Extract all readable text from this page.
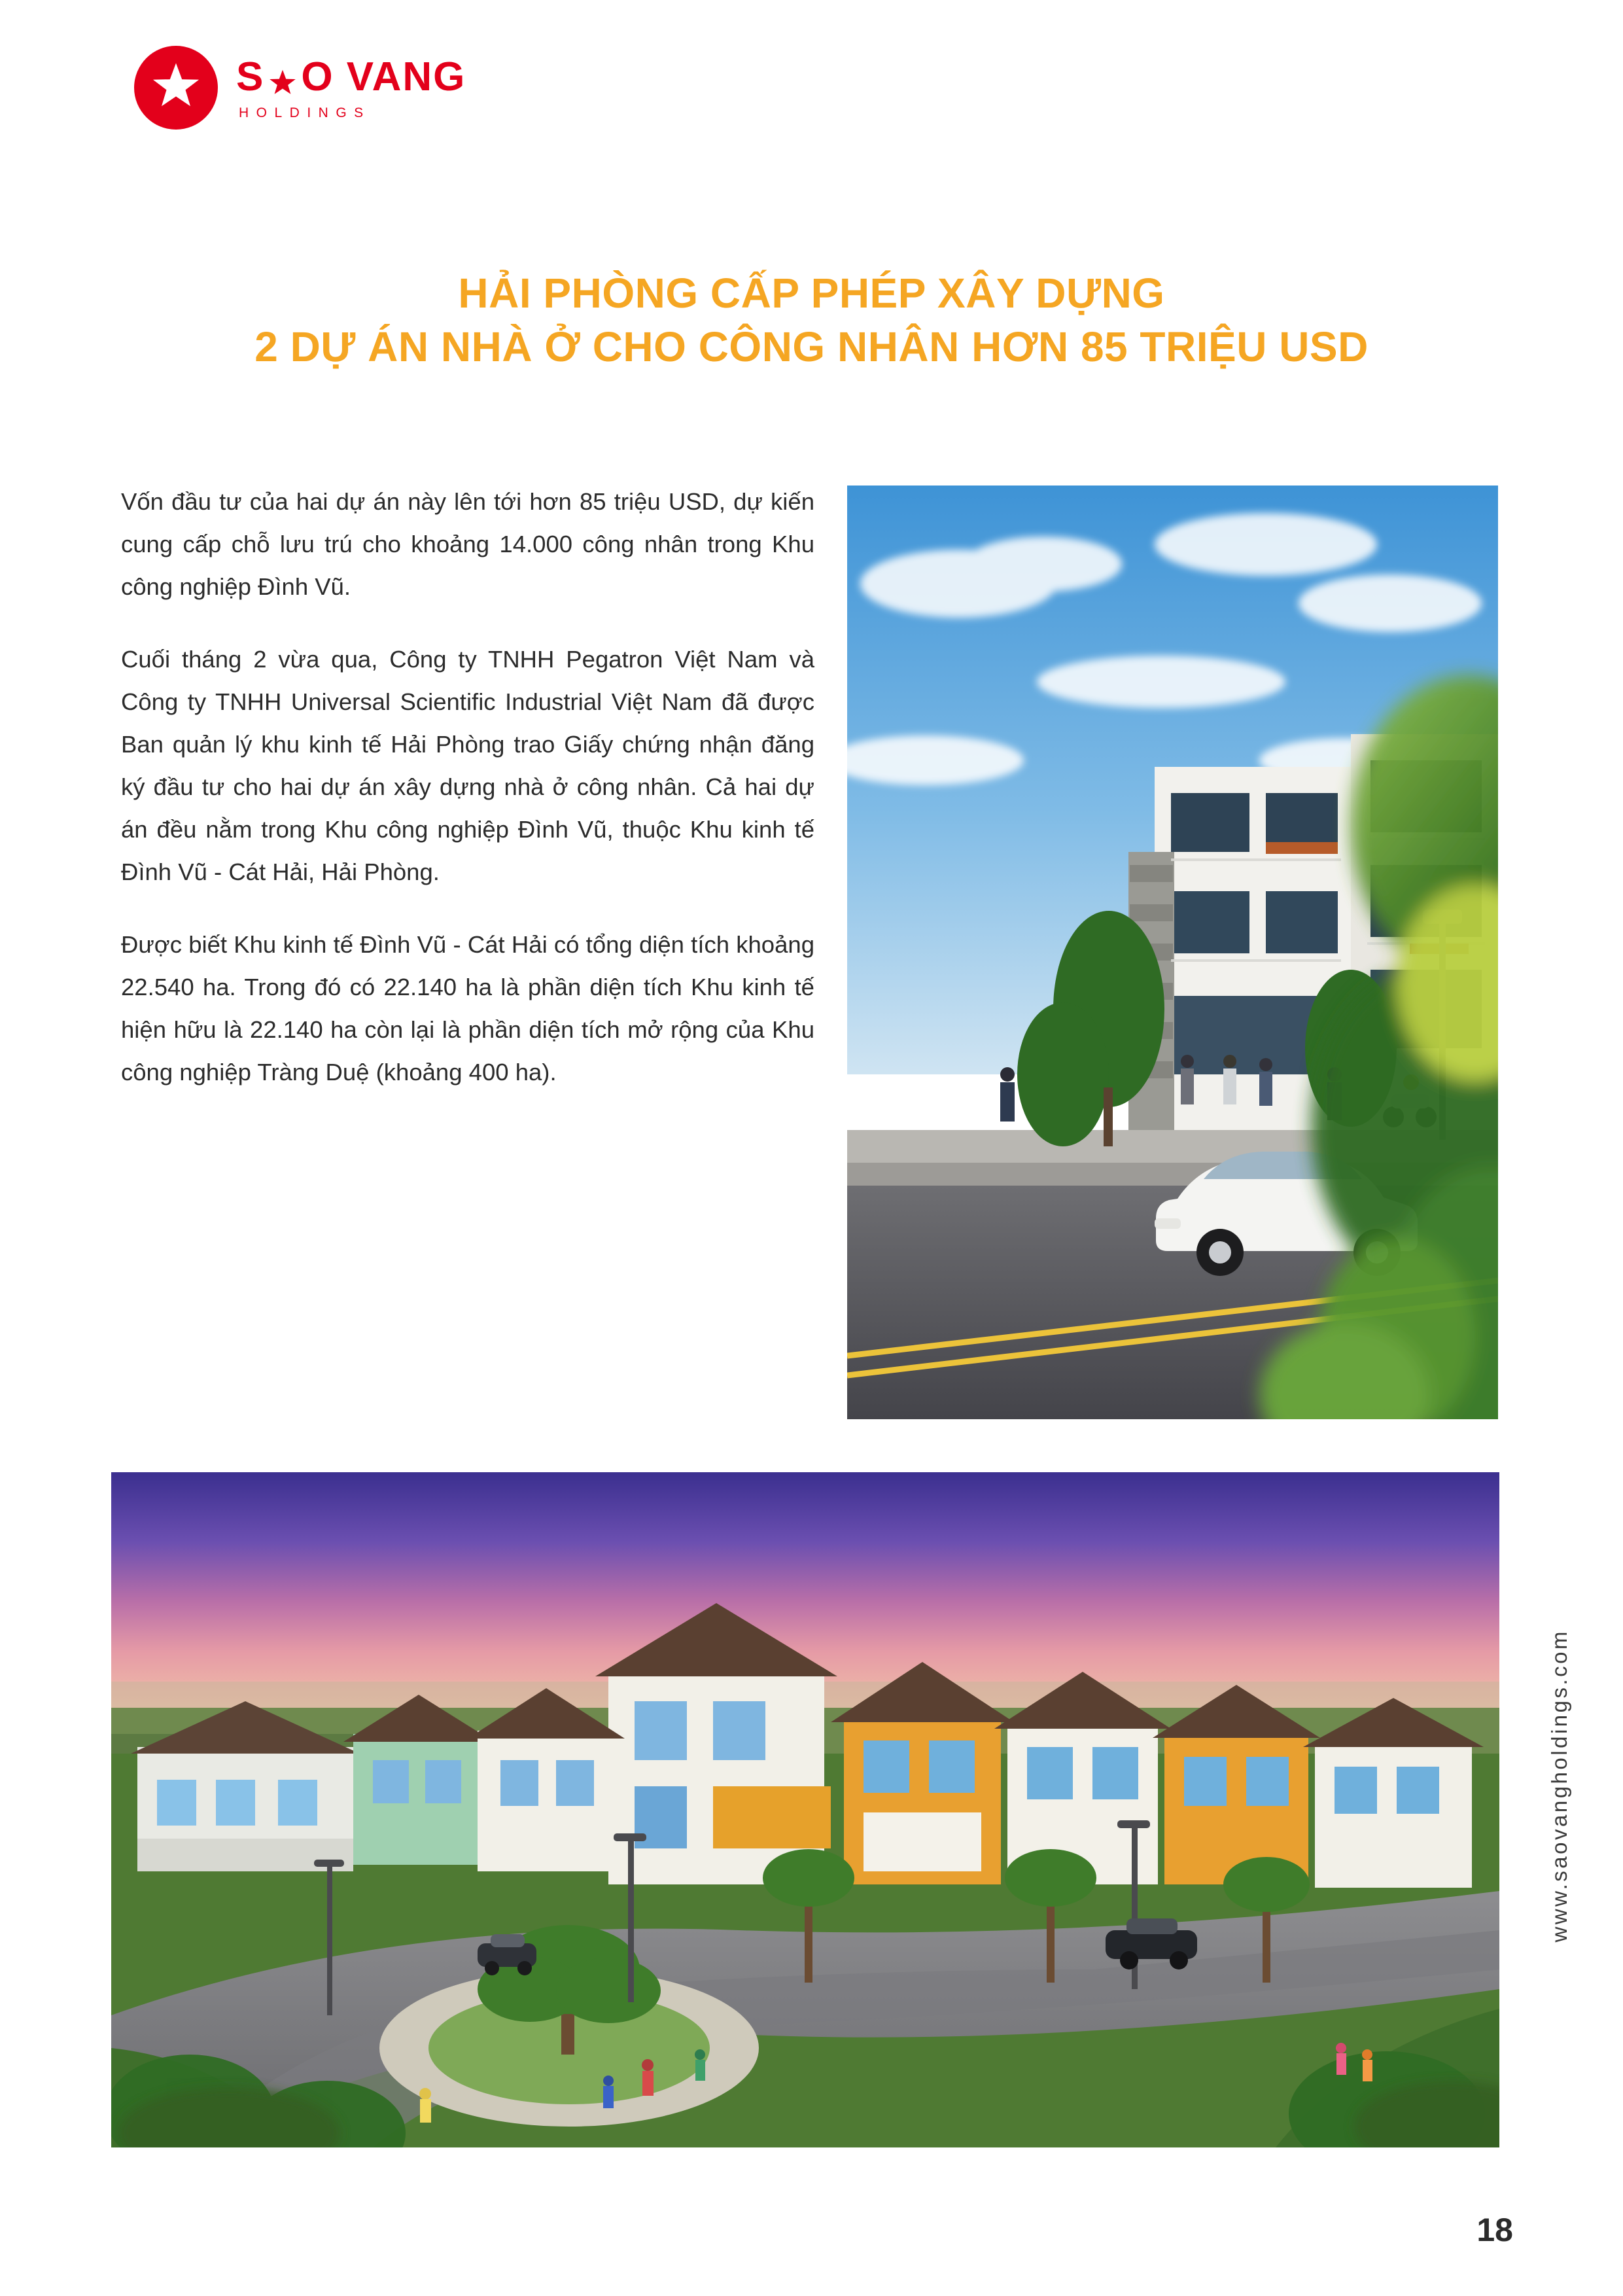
S O VANG
HOLDINGS
HẢI PHÒNG CẤP PHÉP XÂY DỰNG
2 DỰ ÁN NHÀ Ở CHO CÔNG NHÂN HƠN 85 TRIỆU USD

Vốn đầu tư của hai dự án này lên tới hơn 85 triệu USD, dự kiến cung cấp chỗ lưu trú cho khoảng 14.000 công nhân trong Khu công nghiệp Đình Vũ.

Cuối tháng 2 vừa qua, Công ty TNHH Pegatron Việt Nam và Công ty TNHH Universal Scientific Industrial Việt Nam đã được Ban quản lý khu kinh tế Hải Phòng trao Giấy chứng nhận đăng ký đầu tư cho hai dự án xây dựng nhà ở công nhân. Cả hai dự án đều nằm trong Khu công nghiệp Đình Vũ, thuộc Khu kinh tế Đình Vũ - Cát Hải, Hải Phòng.

Được biết Khu kinh tế Đình Vũ - Cát Hải có tổng diện tích khoảng 22.540 ha. Trong đó có 22.140 ha là phần diện tích Khu kinh tế hiện hữu là 22.140 ha còn lại là phần diện tích mở rộng của Khu công nghiệp Tràng Duệ (khoảng 400 ha).

www.saovangholdings.com
18
